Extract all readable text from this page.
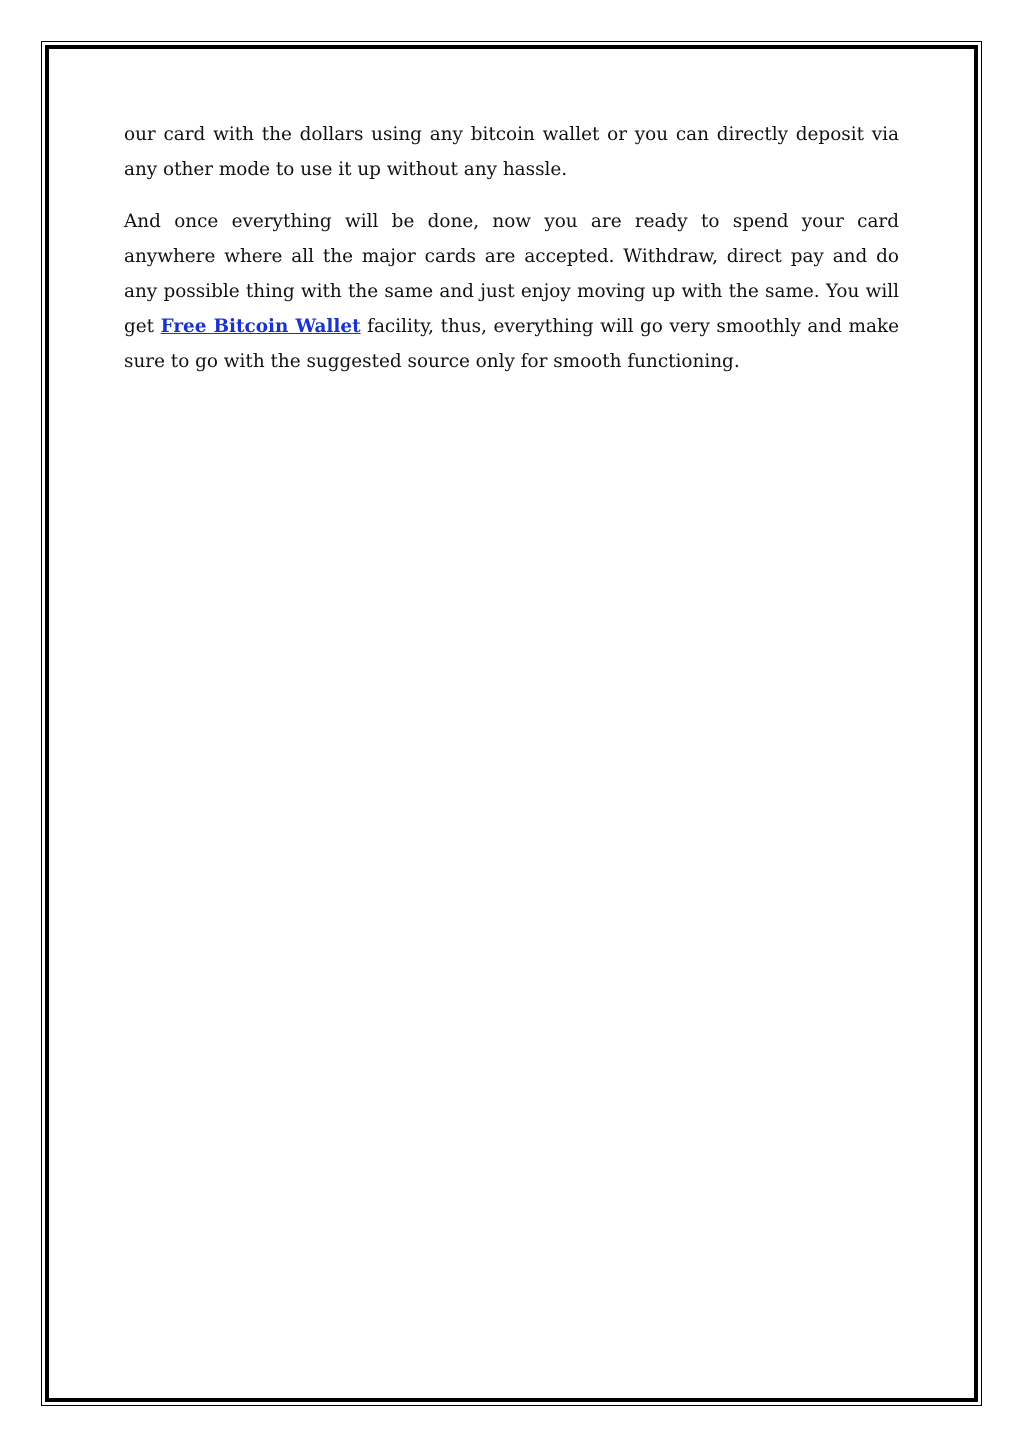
our card with the dollars using any bitcoin wallet or you can directly deposit via any other mode to use it up without any hassle.

And once everything will be done, now you are ready to spend your card anywhere where all the major cards are accepted. Withdraw, direct pay and do any possible thing with the same and just enjoy moving up with the same. You will get Free Bitcoin Wallet facility, thus, everything will go very smoothly and make sure to go with the suggested source only for smooth functioning.
